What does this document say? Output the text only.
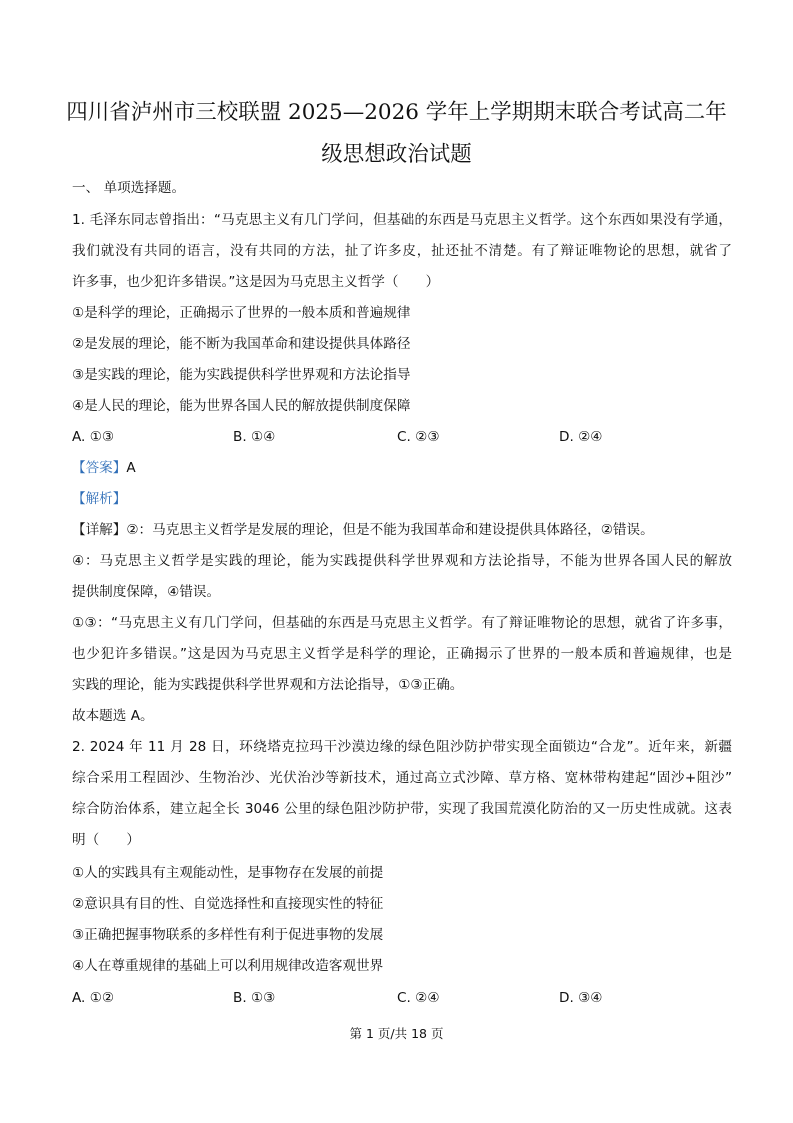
四川省泸州市三校联盟 2025—2026 学年上学期期末联合考试高二年
级思想政治试题
一、 单项选择题。
1. 毛泽东同志曾指出：“马克思主义有几门学问，但基础的东西是马克思主义哲学。这个东西如果没有学通，
我们就没有共同的语言，没有共同的方法，扯了许多皮，扯还扯不清楚。有了辩证唯物论的思想，就省了
许多事，也少犯许多错误。”这是因为马克思主义哲学（　　）
①是科学的理论，正确揭示了世界的一般本质和普遍规律
②是发展的理论，能不断为我国革命和建设提供具体路径
③是实践的理论，能为实践提供科学世界观和方法论指导
④是人民的理论，能为世界各国人民的解放提供制度保障
A. ①③	B. ①④	C. ②③	D. ②④
【答案】A
【解析】
【详解】②：马克思主义哲学是发展的理论，但是不能为我国革命和建设提供具体路径，②错误。
④：马克思主义哲学是实践的理论，能为实践提供科学世界观和方法论指导，不能为世界各国人民的解放
提供制度保障，④错误。
①③：“马克思主义有几门学问，但基础的东西是马克思主义哲学。有了辩证唯物论的思想，就省了许多事，
也少犯许多错误。”这是因为马克思主义哲学是科学的理论，正确揭示了世界的一般本质和普遍规律，也是
实践的理论，能为实践提供科学世界观和方法论指导，①③正确。
故本题选 A。
2. 2024 年 11 月 28 日，环绕塔克拉玛干沙漠边缘的绿色阻沙防护带实现全面锁边“合龙”。近年来，新疆
综合采用工程固沙、生物治沙、光伏治沙等新技术，通过高立式沙障、草方格、宽林带构建起“固沙+阻沙”
综合防治体系，建立起全长 3046 公里的绿色阻沙防护带，实现了我国荒漠化防治的又一历史性成就。这表
明（　　）
①人的实践具有主观能动性，是事物存在发展的前提
②意识具有目的性、自觉选择性和直接现实性的特征
③正确把握事物联系的多样性有利于促进事物的发展
④人在尊重规律的基础上可以利用规律改造客观世界
A. ①②	B. ①③	C. ②④	D. ③④
第 1 页/共 18 页
